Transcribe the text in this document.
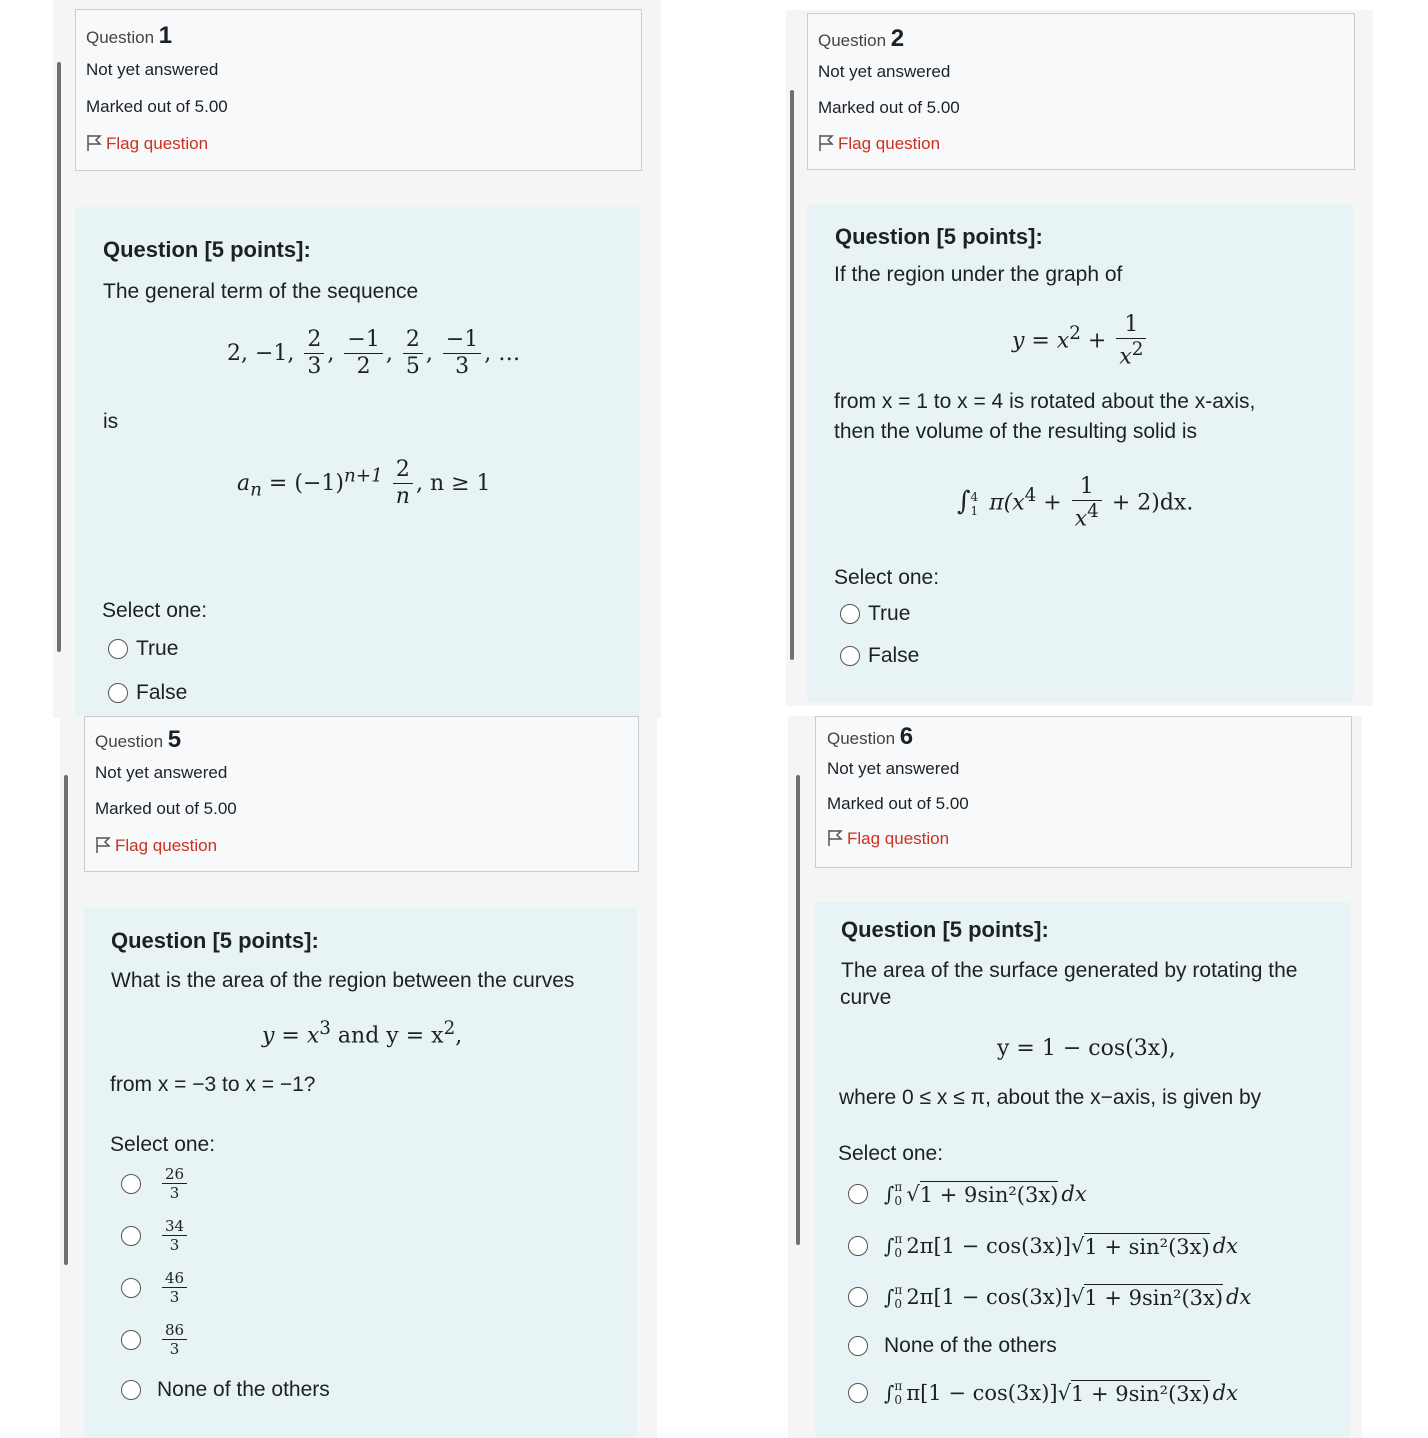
Question 1
Not yet answered
Marked out of 5.00
Flag question
Question [5 points]:
The general term of the sequence
2, −1, $\frac{2}{3}$ , $\frac{-1}{2}$ , $\frac{2}{5}$ , $\frac{-1}{3}$ , …
is
$a_n = (-1)^{n+1} \frac{2}{n}$ , n ≥ 1
Select one:
True
False
Question 2
Not yet answered
Marked out of 5.00
Flag question
Question [5 points]:
If the region under the graph of
$y = x^2 + \frac{1}{x^2}$
from x = 1 to x = 4 is rotated about the x-axis,
then the volume of the resulting solid is
∫ 4
1 $\pi(x^4 + \frac{1}{x^4} + 2)dx$.
Select one:
True
False
Question 5
Not yet answered
Marked out of 5.00
Flag question
Question [5 points]:
What is the area of the region between the curves
$y = x^3$ and $y = x^2$,
from x = −3 to x = −1?
Select one:
$\frac{26}{3}$
$\frac{34}{3}$
$\frac{46}{3}$
$\frac{86}{3}$
None of the others
Question 6
Not yet answered
Marked out of 5.00
Flag question
Question [5 points]:
The area of the surface generated by rotating the
curve
y = 1 − cos(3x),
where 0 ≤ x ≤ π, about the x−axis, is given by
Select one:
∫ π
0 √ 1 + 9sin²(3x) dx
∫ π
0 2π[1 − cos(3x)] √ 1 + sin²(3x) dx
∫ π
0 2π[1 − cos(3x)] √ 1 + 9sin²(3x) dx
None of the others
∫ π
0 π[1 − cos(3x)] √ 1 + 9sin²(3x) dx
